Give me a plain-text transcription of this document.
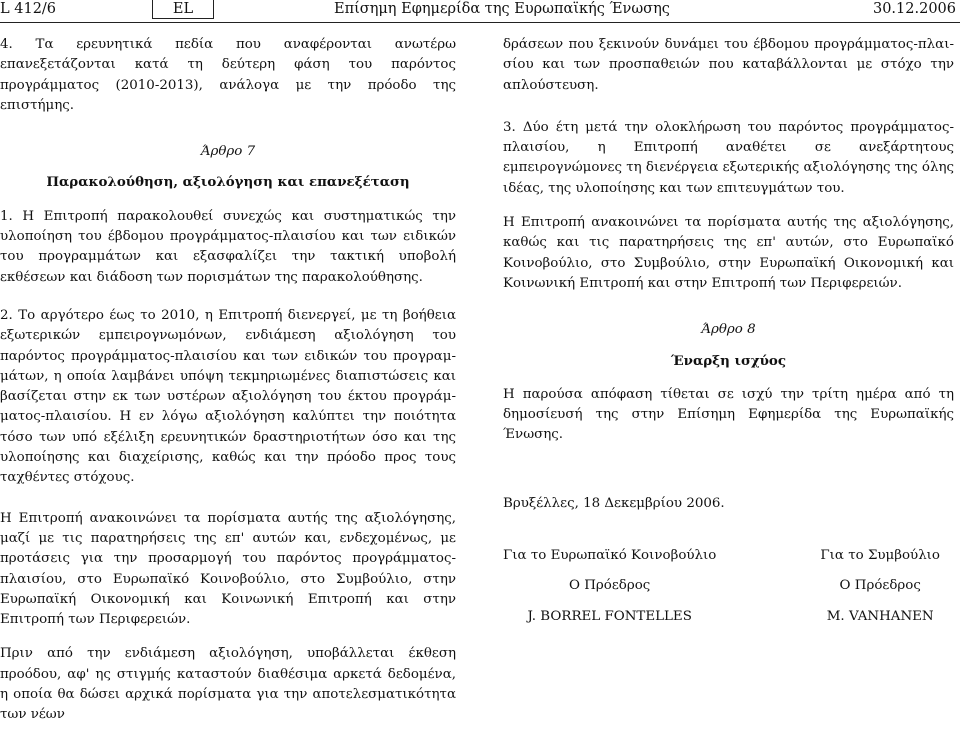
L 412/6	EL	Επίσημη Εφημερίδα της Ευρωπαϊκής Ένωσης	30.12.2006

4. Τα ερευνητικά πεδία που αναφέρονται ανωτέρω επανεξετάζονται κατά τη δεύτερη φάση του παρόντος προγράμματος (2010-2013), ανάλογα με την πρόοδο της επιστήμης.

Άρθρο 7
Παρακολούθηση, αξιολόγηση και επανεξέταση

1. Η Επιτροπή παρακολουθεί συνεχώς και συστηματικώς την υλοποίηση του έβδομου προγράμματος-πλαισίου και των ειδικών του προγραμμάτων και εξασφαλίζει την τακτική υποβολή εκθέσεων και διάδοση των πορισμάτων της παρακολούθησης.

2. Το αργότερο έως το 2010, η Επιτροπή διενεργεί, με τη βοήθεια εξωτερικών εμπειρογνωμόνων, ενδιάμεση αξιολόγηση του παρόντος προγράμματος-πλαισίου και των ειδικών του προγραμμάτων, η οποία λαμβάνει υπόψη τεκμηριωμένες διαπιστώσεις και βασίζεται στην εκ των υστέρων αξιολόγηση του έκτου προγράμματος-πλαισίου. Η εν λόγω αξιολόγηση καλύπτει την ποιότητα τόσο των υπό εξέλιξη ερευνητικών δραστηριοτήτων όσο και της υλοποίησης και διαχείρισης, καθώς και την πρόοδο προς τους ταχθέντες στόχους.

Η Επιτροπή ανακοινώνει τα πορίσματα αυτής της αξιολόγησης, μαζί με τις παρατηρήσεις της επ' αυτών και, ενδεχομένως, με προτάσεις για την προσαρμογή του παρόντος προγράμματος-πλαισίου, στο Ευρωπαϊκό Κοινοβούλιο, στο Συμβούλιο, στην Ευρωπαϊκή Οικονομική και Κοινωνική Επιτροπή και στην Επιτροπή των Περιφερειών.

Πριν από την ενδιάμεση αξιολόγηση, υποβάλλεται έκθεση προόδου, αφ' ης στιγμής καταστούν διαθέσιμα αρκετά δεδομένα, η οποία θα δώσει αρχικά πορίσματα για την αποτελεσματικότητα των νέων

δράσεων που ξεκινούν δυνάμει του έβδομου προγράμματος-πλαισίου και των προσπαθειών που καταβάλλονται με στόχο την απλούστευση.

3. Δύο έτη μετά την ολοκλήρωση του παρόντος προγράμματος-πλαισίου, η Επιτροπή αναθέτει σε ανεξάρτητους εμπειρογνώμονες τη διενέργεια εξωτερικής αξιολόγησης της όλης ιδέας, της υλοποίησης και των επιτευγμάτων του.

Η Επιτροπή ανακοινώνει τα πορίσματα αυτής της αξιολόγησης, καθώς και τις παρατηρήσεις της επ' αυτών, στο Ευρωπαϊκό Κοινοβούλιο, στο Συμβούλιο, στην Ευρωπαϊκή Οικονομική και Κοινωνική Επιτροπή και στην Επιτροπή των Περιφερειών.

Άρθρο 8
Έναρξη ισχύος

Η παρούσα απόφαση τίθεται σε ισχύ την τρίτη ημέρα από τη δημοσίευσή της στην Επίσημη Εφημερίδα της Ευρωπαϊκής Ένωσης.

Βρυξέλλες, 18 Δεκεμβρίου 2006.
Για το Ευρωπαϊκό Κοινοβούλιο
Ο Πρόεδρος
J. BORREL FONTELLES
Για το Συμβούλιο
Ο Πρόεδρος
M. VANHANEN
